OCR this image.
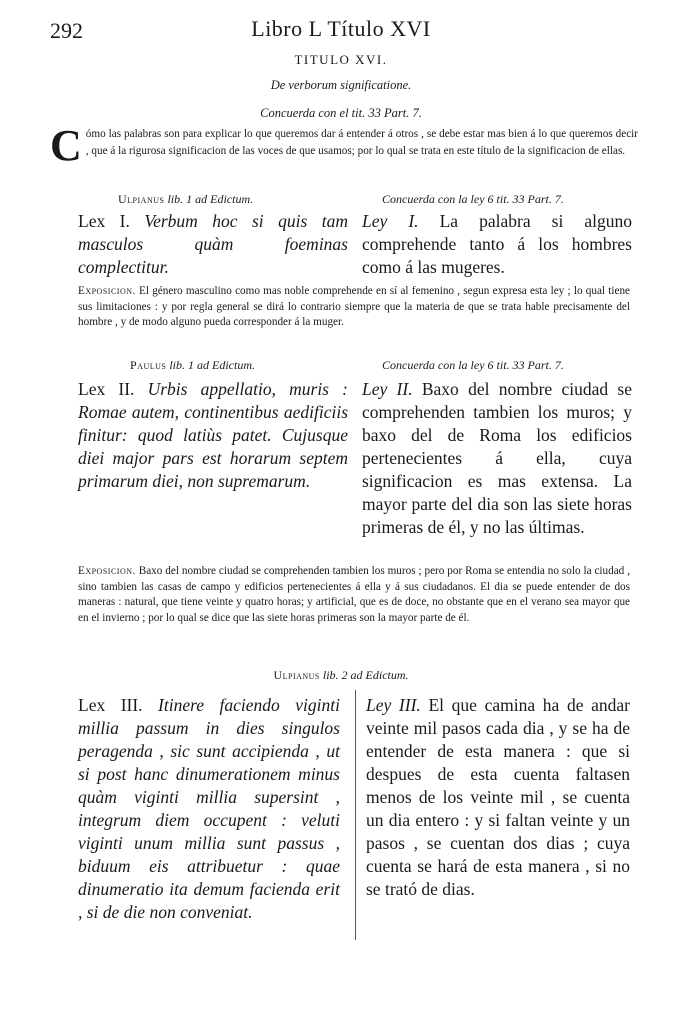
292	Libro L Título XVI
TITULO XVI.
De verborum significatione.
Concuerda con el tit. 33 Part. 7.
Cómo las palabras son para explicar lo que queremos dar á entender á otros , se debe estar mas bien á lo que queremos decir , que á la rigurosa significacion de las voces de que usamos; por lo qual se trata en este título de la significacion de ellas.
Ulpianus lib. 1 ad Edictum.	Concuerda con la ley 6 tit. 33 Part. 7.
Lex I. Verbum hoc si quis tam masculos quàm foeminas complectitur.
Ley I. La palabra si alguno comprehende tanto á los hombres como á las mugeres.
Exposicion. El género masculino como mas noble comprehende en sí al femenino , segun expresa esta ley ; lo qual tiene sus limitaciones : y por regla general se dirá lo contrario siempre que la materia de que se trata hable precisamente del hombre , y de modo alguno pueda corresponder á la muger.
Paulus lib. 1 ad Edictum.	Concuerda con la ley 6 tit. 33 Part. 7.
Lex II. Urbis appellatio, muris : Romae autem, continentibus aedificiis finitur: quod latiùs patet. Cujusque diei major pars est horarum septem primarum diei, non supremarum.
Ley II. Baxo del nombre ciudad se comprehenden tambien los muros; y baxo del de Roma los edificios pertenecientes á ella, cuya significacion es mas extensa. La mayor parte del dia son las siete horas primeras de él, y no las últimas.
Exposicion. Baxo del nombre ciudad se comprehenden tambien los muros ; pero por Roma se entendia no solo la ciudad , sino tambien las casas de campo y edificios pertenecientes á ella y á sus ciudadanos. El dia se puede entender de dos maneras : natural, que tiene veinte y quatro horas; y artificial, que es de doce, no obstante que en el verano sea mayor que en el invierno ; por lo qual se dice que las siete horas primeras son la mayor parte de él.
Ulpianus lib. 2 ad Edictum.
Lex III. Itinere faciendo viginti millia passum in dies singulos peragenda , sic sunt accipienda , ut si post hanc dinumerationem minus quàm viginti millia supersint , integrum diem occupent : veluti viginti unum millia sunt passus , biduum eis attribuetur : quae dinumeratio ita demum facienda erit , si de die non conveniat.
Ley III. El que camina ha de andar veinte mil pasos cada dia , y se ha de entender de esta manera : que si despues de esta cuenta faltasen menos de los veinte mil , se cuenta un dia entero : y si faltan veinte y un pasos , se cuentan dos dias ; cuya cuenta se hará de esta manera , si no se trató de dias.
